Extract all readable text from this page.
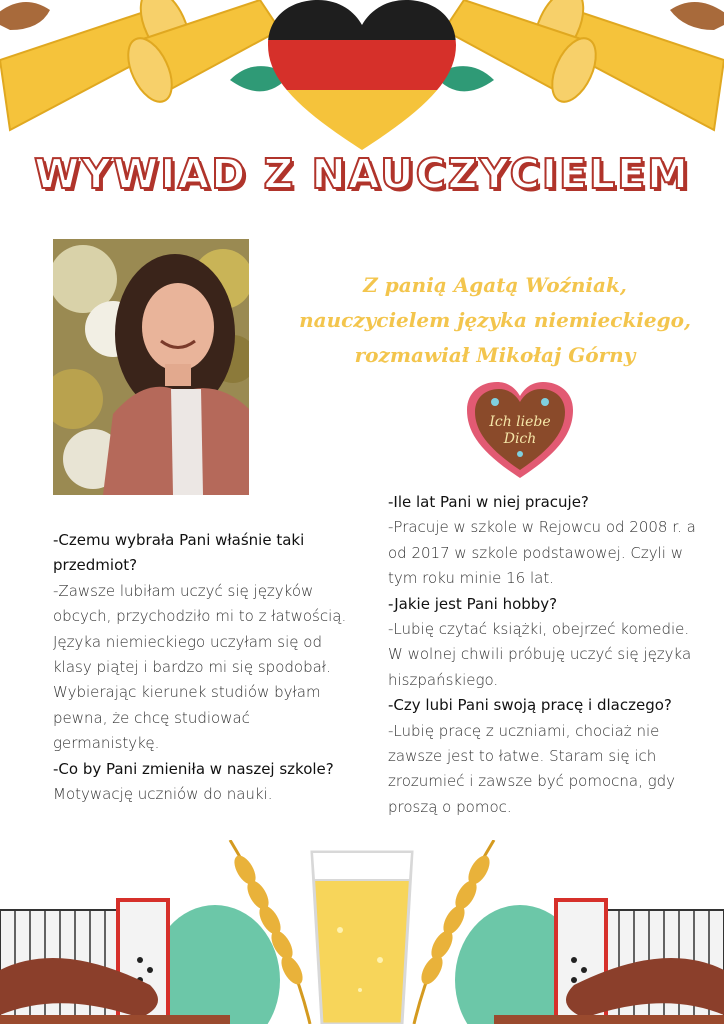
WYWIAD Z NAUCZYCIELEM
Z panią Agatą Woźniak,
nauczycielem języka niemieckiego,
rozmawiał Mikołaj Górny
Ich liebe
Dich

-Czemu wybrała Pani właśnie taki przedmiot?

-Zawsze lubiłam uczyć się języków obcych, przychodziło mi to z łatwością. Języka niemieckiego uczyłam się od klasy piątej i bardzo mi się spodobał. Wybierając kierunek studiów byłam pewna, że chcę studiować germanistykę.

-Co by Pani zmieniła w naszej szkole?

Motywację uczniów do nauki.

-Ile lat Pani w niej pracuje?

-Pracuje w szkole w Rejowcu od 2008 r. a od 2017 w szkole podstawowej. Czyli w tym roku minie 16 lat.

-Jakie jest Pani hobby?

-Lubię czytać książki, obejrzeć komedie. W wolnej chwili próbuję uczyć się języka hiszpańskiego.

-Czy lubi Pani swoją pracę i dlaczego?

-Lubię pracę z uczniami, chociaż nie zawsze jest to łatwe. Staram się ich zrozumieć i zawsze być pomocna, gdy proszą o pomoc.
